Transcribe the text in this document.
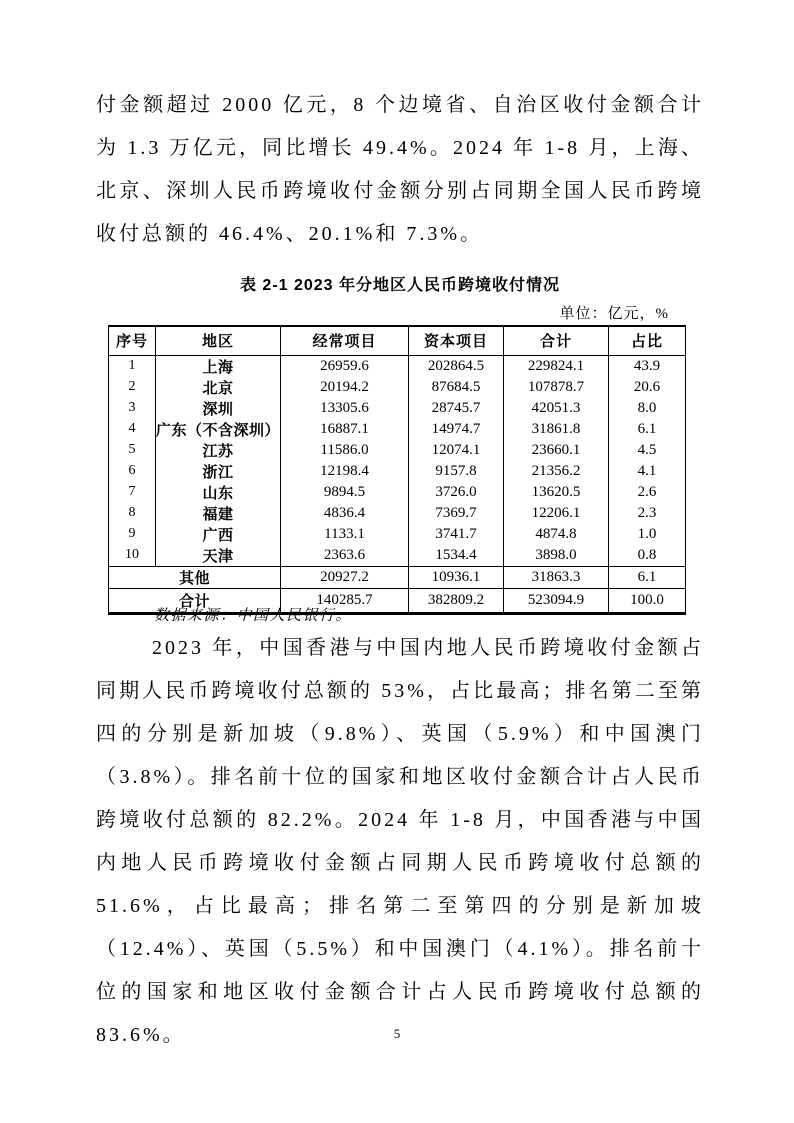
付金额超过 2000 亿元，8 个边境省、自治区收付金额合计为 1.3 万亿元，同比增长 49.4%。2024 年 1-8 月，上海、北京、深圳人民币跨境收付金额分别占同期全国人民币跨境收付总额的 46.4%、20.1%和 7.3%。

表 2-1 2023 年分地区人民币跨境收付情况
单位：亿元，%
序号	地区	经常项目	资本项目	合计	占比
1	上海	26959.6	202864.5	229824.1	43.9
2	北京	20194.2	87684.5	107878.7	20.6
3	深圳	13305.6	28745.7	42051.3	8.0
4	广东（不含深圳）	16887.1	14974.7	31861.8	6.1
5	江苏	11586.0	12074.1	23660.1	4.5
6	浙江	12198.4	9157.8	21356.2	4.1
7	山东	9894.5	3726.0	13620.5	2.6
8	福建	4836.4	7369.7	12206.1	2.3
9	广西	1133.1	3741.7	4874.8	1.0
10	天津	2363.6	1534.4	3898.0	0.8
其他		20927.2	10936.1	31863.3	6.1
合计		140285.7	382809.2	523094.9	100.0
数据来源：中国人民银行。

2023 年，中国香港与中国内地人民币跨境收付金额占同期人民币跨境收付总额的 53%，占比最高；排名第二至第四的分别是新加坡（9.8%）、英国（5.9%）和中国澳门（3.8%）。排名前十位的国家和地区收付金额合计占人民币跨境收付总额的 82.2%。2024 年 1-8 月，中国香港与中国内地人民币跨境收付金额占同期人民币跨境收付总额的 51.6%，占比最高；排名第二至第四的分别是新加坡（12.4%）、英国（5.5%）和中国澳门（4.1%）。排名前十位的国家和地区收付金额合计占人民币跨境收付总额的 83.6%。	5
